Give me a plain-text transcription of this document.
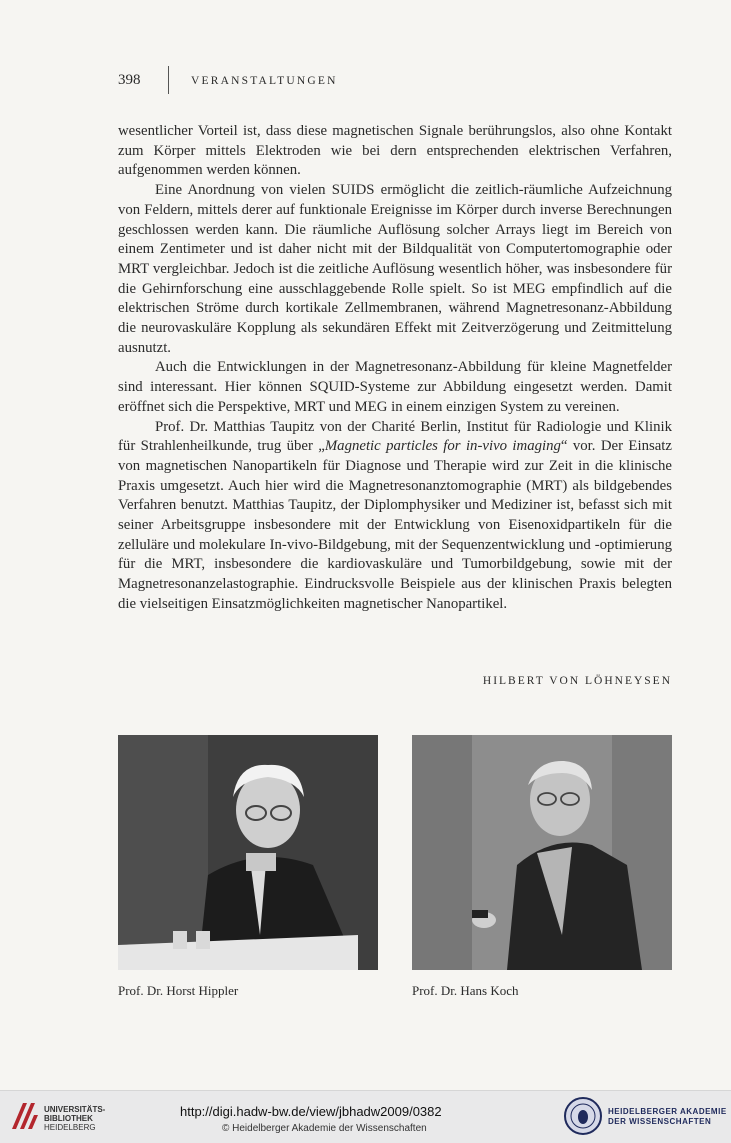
398	VERANSTALTUNGEN

wesentlicher Vorteil ist, dass diese magnetischen Signale berührungslos, also ohne Kontakt zum Körper mittels Elektroden wie bei dern entsprechenden elektrischen Verfahren, aufgenommen werden können.

Eine Anordnung von vielen SUIDS ermöglicht die zeitlich-räumliche Aufzeichnung von Feldern, mittels derer auf funktionale Ereignisse im Körper durch inverse Berechnungen geschlossen werden kann. Die räumliche Auflösung solcher Arrays liegt im Bereich von einem Zentimeter und ist daher nicht mit der Bildqualität von Computertomographie oder MRT vergleichbar. Jedoch ist die zeitliche Auflösung wesentlich höher, was insbesondere für die Gehirnforschung eine ausschlaggebende Rolle spielt. So ist MEG empfindlich auf die elektrischen Ströme durch kortikale Zellmembranen, während Magnetresonanz-Abbildung die neurovaskuläre Kopplung als sekundären Effekt mit Zeitverzögerung und Zeitmittelung ausnutzt.

Auch die Entwicklungen in der Magnetresonanz-Abbildung für kleine Magnetfelder sind interessant. Hier können SQUID-Systeme zur Abbildung eingesetzt werden. Damit eröffnet sich die Perspektive, MRT und MEG in einem einzigen System zu vereinen.

Prof. Dr. Matthias Taupitz von der Charité Berlin, Institut für Radiologie und Klinik für Strahlenheilkunde, trug über „Magnetic particles for in-vivo imaging“ vor. Der Einsatz von magnetischen Nanopartikeln für Diagnose und Therapie wird zur Zeit in die klinische Praxis umgesetzt. Auch hier wird die Magnetresonanztomographie (MRT) als bildgebendes Verfahren benutzt. Matthias Taupitz, der Diplomphysiker und Mediziner ist, befasst sich mit seiner Arbeitsgruppe insbesondere mit der Entwicklung von Eisenoxidpartikeln für die zelluläre und molekulare In-vivo-Bildgebung, mit der Sequenzentwicklung und -optimierung für die MRT, insbesondere die kardiovaskuläre und Tumorbildgebung, sowie mit der Magnetresonanzelastographie. Eindrucksvolle Beispiele aus der klinischen Praxis belegten die vielseitigen Einsatzmöglichkeiten magnetischer Nanopartikel.

HILBERT VON LÖHNEYSEN
Prof. Dr. Horst Hippler	Prof. Dr. Hans Koch
UNIVERSITÄTS-
BIBLIOTHEK
HEIDELBERG
http://digi.hadw-bw.de/view/jbhadw2009/0382
© Heidelberger Akademie der Wissenschaften
HEIDELBERGER AKADEMIE
DER WISSENSCHAFTEN
